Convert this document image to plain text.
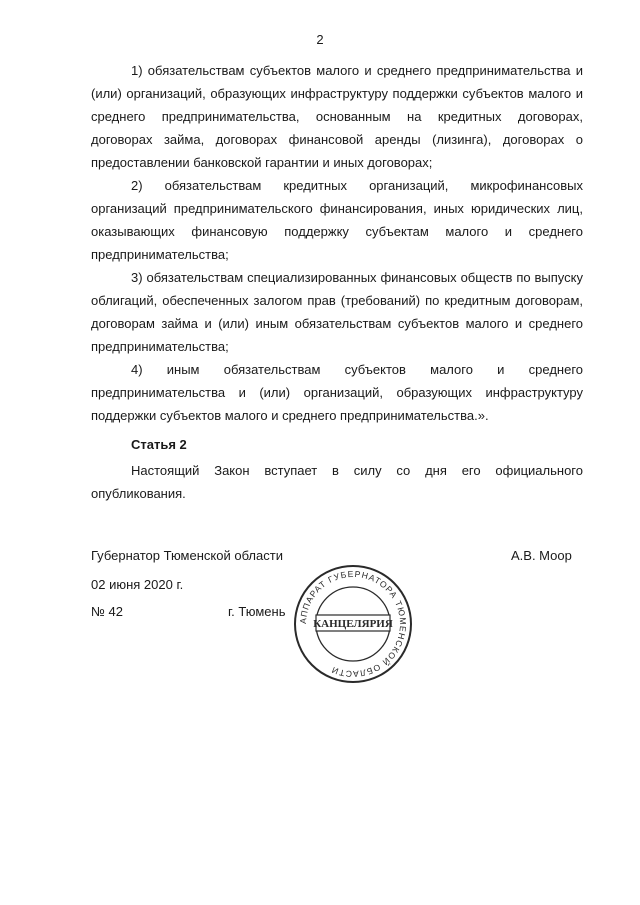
2

1) обязательствам субъектов малого и среднего предпринимательства и (или) организаций, образующих инфраструктуру поддержки субъектов малого и среднего предпринимательства, основанным на кредитных договорах, договорах займа, договорах финансовой аренды (лизинга), договорах о предоставлении банковской гарантии и иных договорах;

2) обязательствам кредитных организаций, микрофинансовых организаций предпринимательского финансирования, иных юридических лиц, оказывающих финансовую поддержку субъектам малого и среднего предпринимательства;

3) обязательствам специализированных финансовых обществ по выпуску облигаций, обеспеченных залогом прав (требований) по кредитным договорам, договорам займа и (или) иным обязательствам субъектов малого и среднего предпринимательства;

4) иным обязательствам субъектов малого и среднего предпринимательства и (или) организаций, образующих инфраструктуру поддержки субъектов малого и среднего предпринимательства.».

Статья 2

Настоящий Закон вступает в силу со дня его официального опубликования.

Губернатор Тюменской области	А.В. Моор
02 июня 2020 г.
№ 42	г. Тюмень
АППАРАТ ГУБЕРНАТОРА ТЮМЕНСКОЙ ОБЛАСТИ
КАНЦЕЛЯРИЯ
